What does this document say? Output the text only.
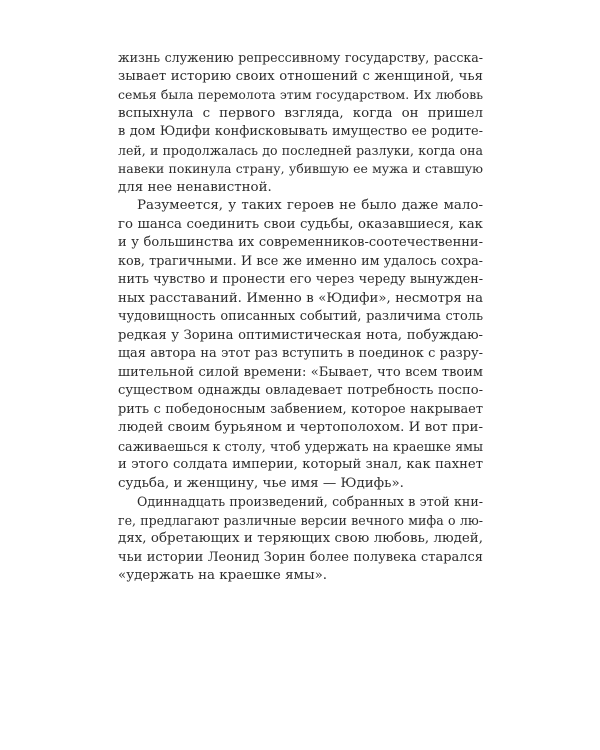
жизнь служению репрессивному государству, расска-
зывает историю своих отношений с женщиной, чья
семья была перемолота этим государством. Их любовь
вспыхнула с первого взгляда, когда он пришел
в дом Юдифи конфисковывать имущество ее родите-
лей, и продолжалась до последней разлуки, когда она
навеки покинула страну, убившую ее мужа и ставшую
для нее ненавистной.
Разумеется, у таких героев не было даже мало-
го шанса соединить свои судьбы, оказавшиеся, как
и у большинства их современников-соотечественни-
ков, трагичными. И все же именно им удалось сохра-
нить чувство и пронести его через череду вынужден-
ных расставаний. Именно в «Юдифи», несмотря на
чудовищность описанных событий, различима столь
редкая у Зорина оптимистическая нота, побуждаю-
щая автора на этот раз вступить в поединок с разру-
шительной силой времени: «Бывает, что всем твоим
существом однажды овладевает потребность поспо-
рить с победоносным забвением, которое накрывает
людей своим бурьяном и чертополохом. И вот при-
саживаешься к столу, чтоб удержать на краешке ямы
и этого солдата империи, который знал, как пахнет
судьба, и женщину, чье имя — Юдифь».
Одиннадцать произведений, собранных в этой кни-
ге, предлагают различные версии вечного мифа о лю-
дях, обретающих и теряющих свою любовь, людей,
чьи истории Леонид Зорин более полувека старался
«удержать на краешке ямы».
